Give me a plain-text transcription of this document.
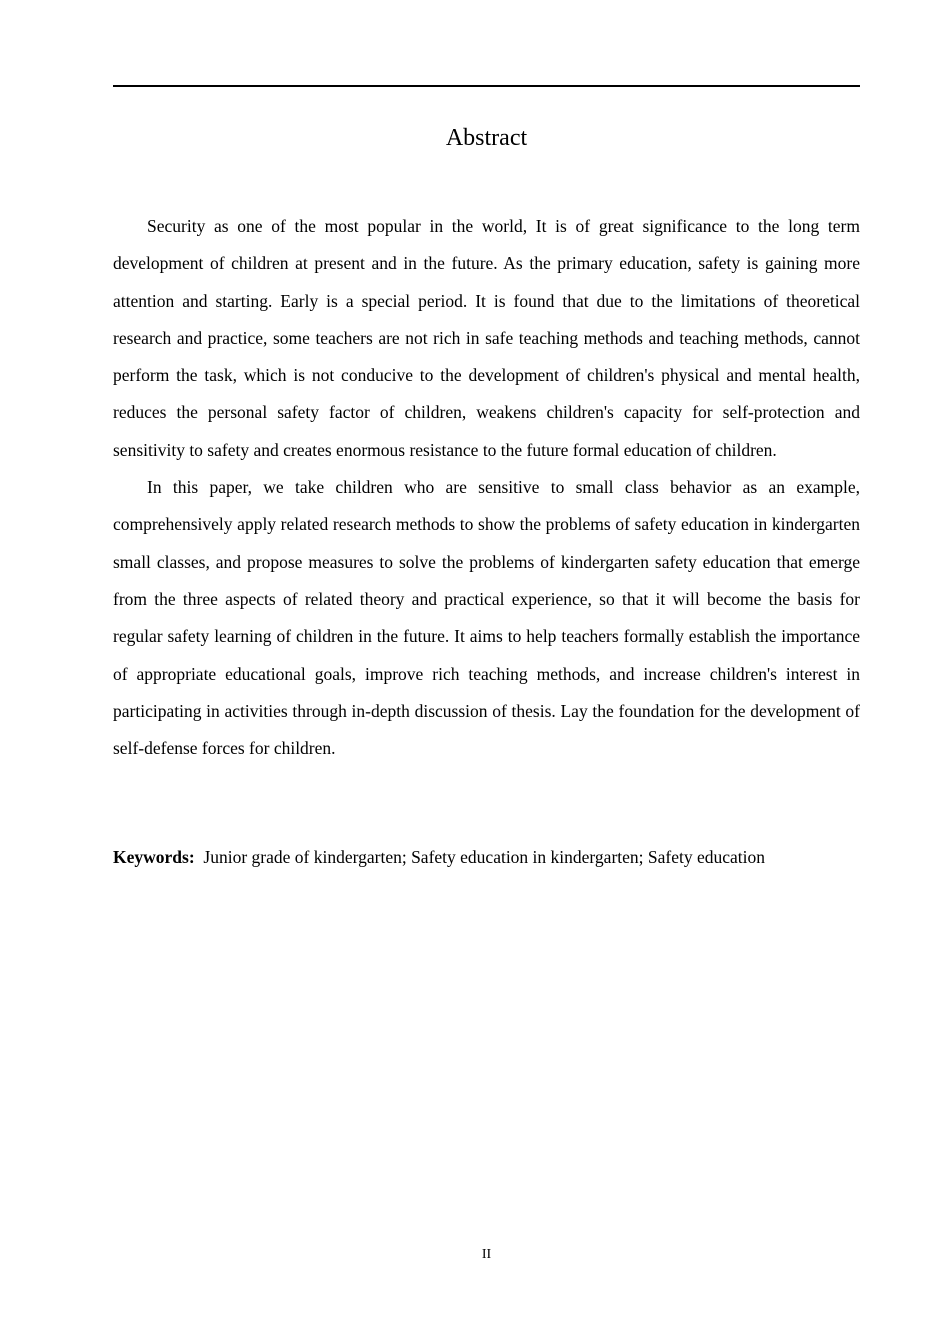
Abstract

Security as one of the most popular in the world, It is of great significance to the long term development of children at present and in the future. As the primary education, safety is gaining more attention and starting. Early is a special period. It is found that due to the limitations of theoretical research and practice, some teachers are not rich in safe teaching methods and teaching methods, cannot perform the task, which is not conducive to the development of children's physical and mental health, reduces the personal safety factor of children, weakens children's capacity for self-protection and sensitivity to safety and creates enormous resistance to the future formal education of children.

In this paper, we take children who are sensitive to small class behavior as an example, comprehensively apply related research methods to show the problems of safety education in kindergarten small classes, and propose measures to solve the problems of kindergarten safety education that emerge from the three aspects of related theory and practical experience, so that it will become the basis for regular safety learning of children in the future. It aims to help teachers formally establish the importance of appropriate educational goals, improve rich teaching methods, and increase children's interest in participating in activities through in-depth discussion of thesis. Lay the foundation for the development of self-defense forces for children.

Keywords: Junior grade of kindergarten; Safety education in kindergarten; Safety education

II
